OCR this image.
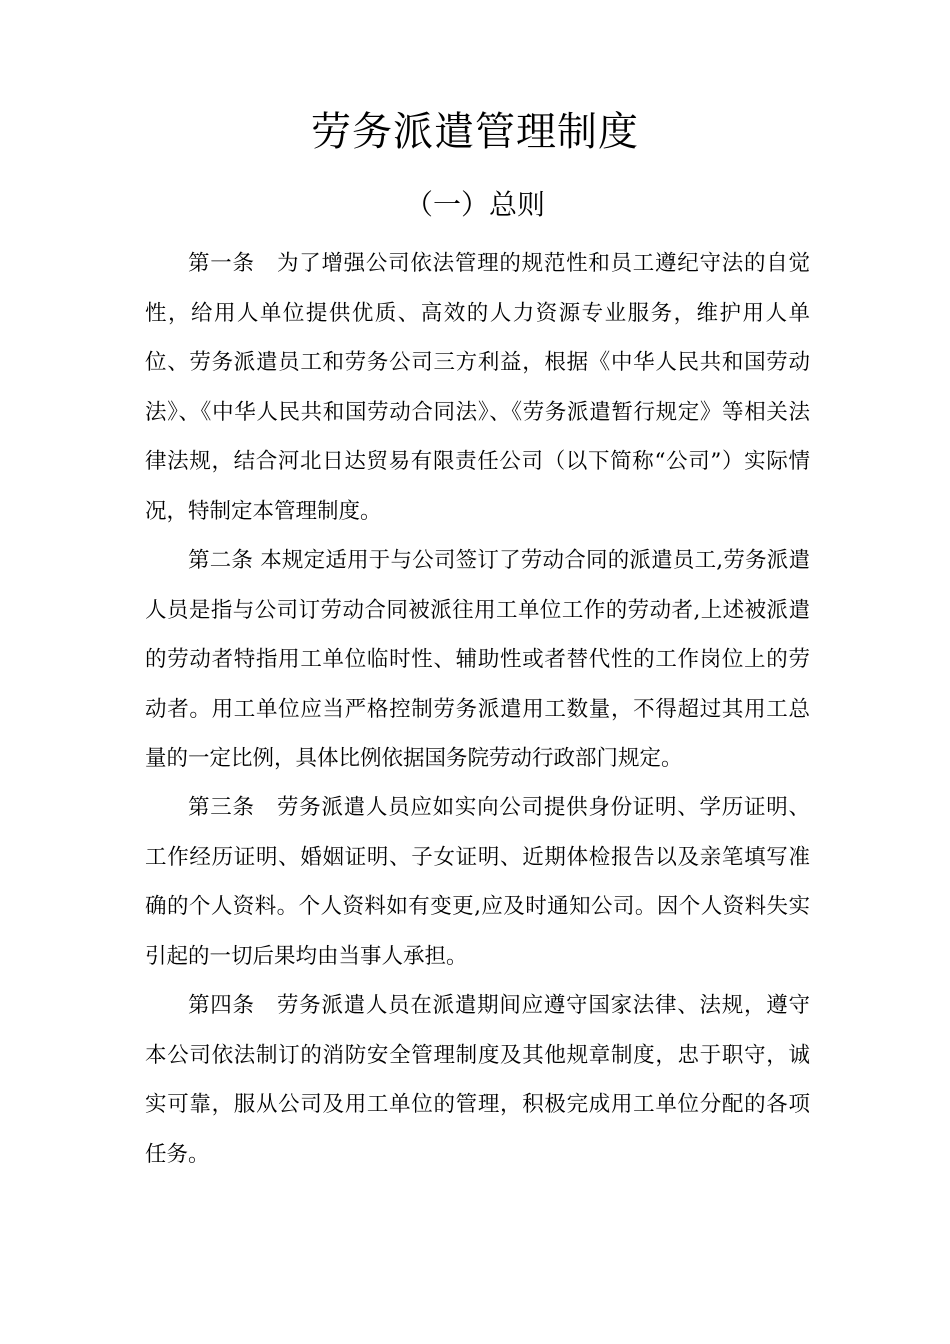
劳务派遣管理制度
（一）总则

第一条　为了增强公司依法管理的规范性和员工遵纪守法的自觉性，给用人单位提供优质、高效的人力资源专业服务，维护用人单位、劳务派遣员工和劳务公司三方利益，根据《中华人民共和国劳动法》、《中华人民共和国劳动合同法》、《劳务派遣暂行规定》等相关法律法规，结合河北日达贸易有限责任公司（以下简称“公司”）实际情况，特制定本管理制度。

第二条 本规定适用于与公司签订了劳动合同的派遣员工,劳务派遣人员是指与公司订劳动合同被派往用工单位工作的劳动者,上述被派遣的劳动者特指用工单位临时性、辅助性或者替代性的工作岗位上的劳动者。用工单位应当严格控制劳务派遣用工数量，不得超过其用工总量的一定比例，具体比例依据国务院劳动行政部门规定。

第三条　劳务派遣人员应如实向公司提供身份证明、学历证明、工作经历证明、婚姻证明、子女证明、近期体检报告以及亲笔填写准确的个人资料。个人资料如有变更,应及时通知公司。因个人资料失实引起的一切后果均由当事人承担。

第四条　劳务派遣人员在派遣期间应遵守国家法律、法规，遵守本公司依法制订的消防安全管理制度及其他规章制度，忠于职守，诚实可靠，服从公司及用工单位的管理，积极完成用工单位分配的各项任务。
